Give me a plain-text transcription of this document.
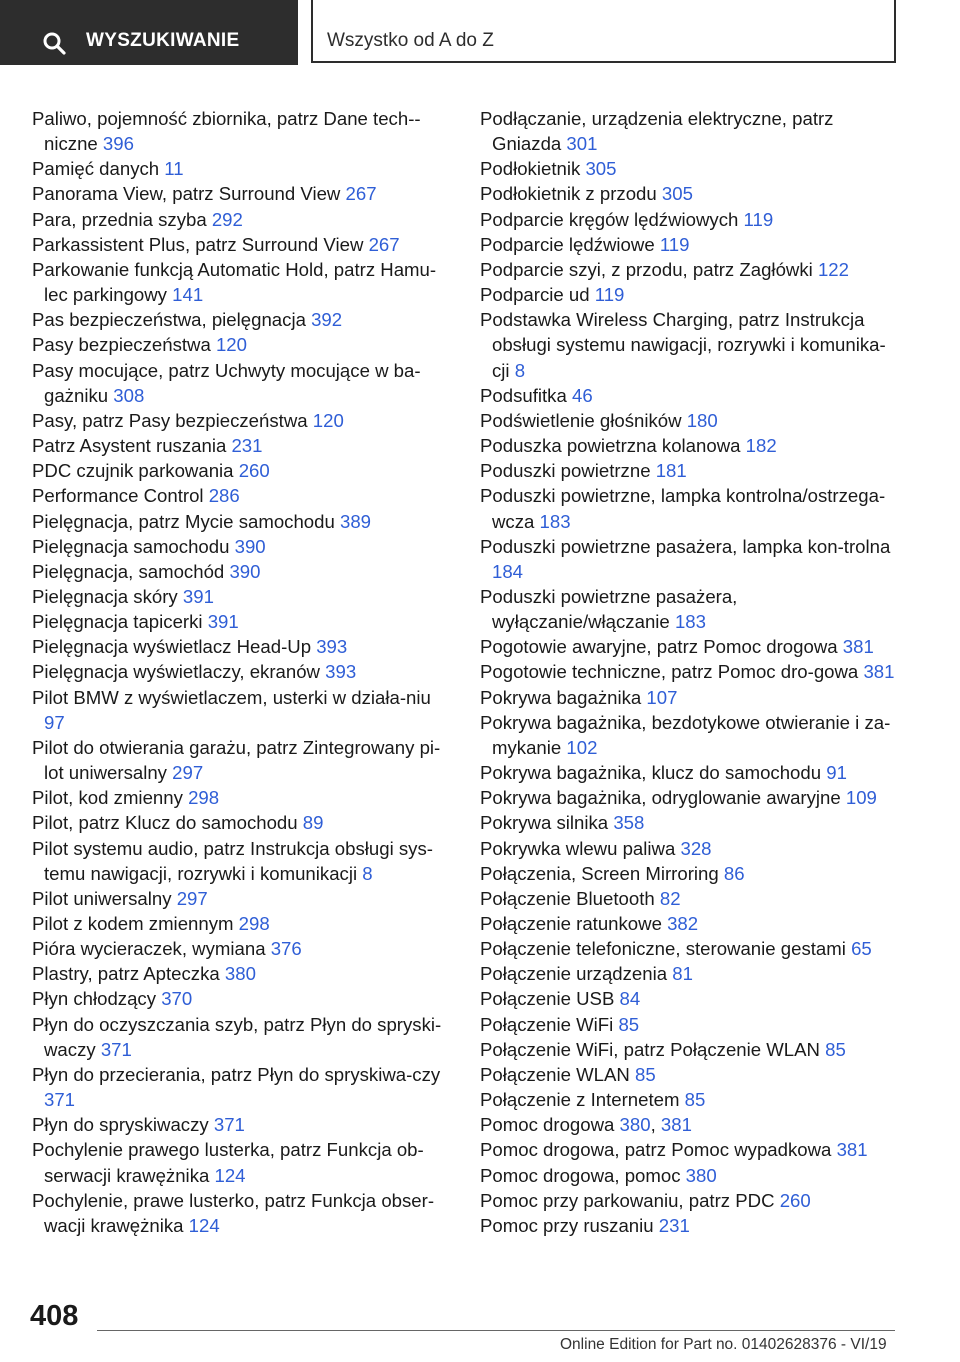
WYSZUKIWANIE	Wszystko od A do Z

Paliwo, pojemność zbiornika, patrz Dane tech-niczne 396

Pamięć danych 11

Panorama View, patrz Surround View 267

Para, przednia szyba 292

Parkassistent Plus, patrz Surround View 267

Parkowanie funkcją Automatic Hold, patrz Hamu-lec parkingowy 141

Pas bezpieczeństwa, pielęgnacja 392

Pasy bezpieczeństwa 120

Pasy mocujące, patrz Uchwyty mocujące w ba-gażniku 308

Pasy, patrz Pasy bezpieczeństwa 120

Patrz Asystent ruszania 231

PDC czujnik parkowania 260

Performance Control 286

Pielęgnacja, patrz Mycie samochodu 389

Pielęgnacja samochodu 390

Pielęgnacja, samochód 390

Pielęgnacja skóry 391

Pielęgnacja tapicerki 391

Pielęgnacja wyświetlacz Head-Up 393

Pielęgnacja wyświetlaczy, ekranów 393

Pilot BMW z wyświetlaczem, usterki w działa-niu 97

Pilot do otwierania garażu, patrz Zintegrowany pi-lot uniwersalny 297

Pilot, kod zmienny 298

Pilot, patrz Klucz do samochodu 89

Pilot systemu audio, patrz Instrukcja obsługi sys-temu nawigacji, rozrywki i komunikacji 8

Pilot uniwersalny 297

Pilot z kodem zmiennym 298

Pióra wycieraczek, wymiana 376

Plastry, patrz Apteczka 380

Płyn chłodzący 370

Płyn do oczyszczania szyb, patrz Płyn do spryski-waczy 371

Płyn do przecierania, patrz Płyn do spryskiwa-czy 371

Płyn do spryskiwaczy 371

Pochylenie prawego lusterka, patrz Funkcja ob-serwacji krawężnika 124

Pochylenie, prawe lusterko, patrz Funkcja obser-wacji krawężnika 124

Podłączanie, urządzenia elektryczne, patrz Gniazda 301

Podłokietnik 305

Podłokietnik z przodu 305

Podparcie kręgów lędźwiowych 119

Podparcie lędźwiowe 119

Podparcie szyi, z przodu, patrz Zagłówki 122

Podparcie ud 119

Podstawka Wireless Charging, patrz Instrukcja obsługi systemu nawigacji, rozrywki i komunika-cji 8

Podsufitka 46

Podświetlenie głośników 180

Poduszka powietrzna kolanowa 182

Poduszki powietrzne 181

Poduszki powietrzne, lampka kontrolna/ostrzega-wcza 183

Poduszki powietrzne pasażera, lampka kon-trolna 184

Poduszki powietrzne pasażera, wyłączanie/włączanie 183

Pogotowie awaryjne, patrz Pomoc drogowa 381

Pogotowie techniczne, patrz Pomoc dro-gowa 381

Pokrywa bagażnika 107

Pokrywa bagażnika, bezdotykowe otwieranie i za-mykanie 102

Pokrywa bagażnika, klucz do samochodu 91

Pokrywa bagażnika, odryglowanie awaryjne 109

Pokrywa silnika 358

Pokrywka wlewu paliwa 328

Połączenia, Screen Mirroring 86

Połączenie Bluetooth 82

Połączenie ratunkowe 382

Połączenie telefoniczne, sterowanie gestami 65

Połączenie urządzenia 81

Połączenie USB 84

Połączenie WiFi 85

Połączenie WiFi, patrz Połączenie WLAN 85

Połączenie WLAN 85

Połączenie z Internetem 85

Pomoc drogowa 380, 381

Pomoc drogowa, patrz Pomoc wypadkowa 381

Pomoc drogowa, pomoc 380

Pomoc przy parkowaniu, patrz PDC 260

Pomoc przy ruszaniu 231

408
Online Edition for Part no. 01402628376 - VI/19
